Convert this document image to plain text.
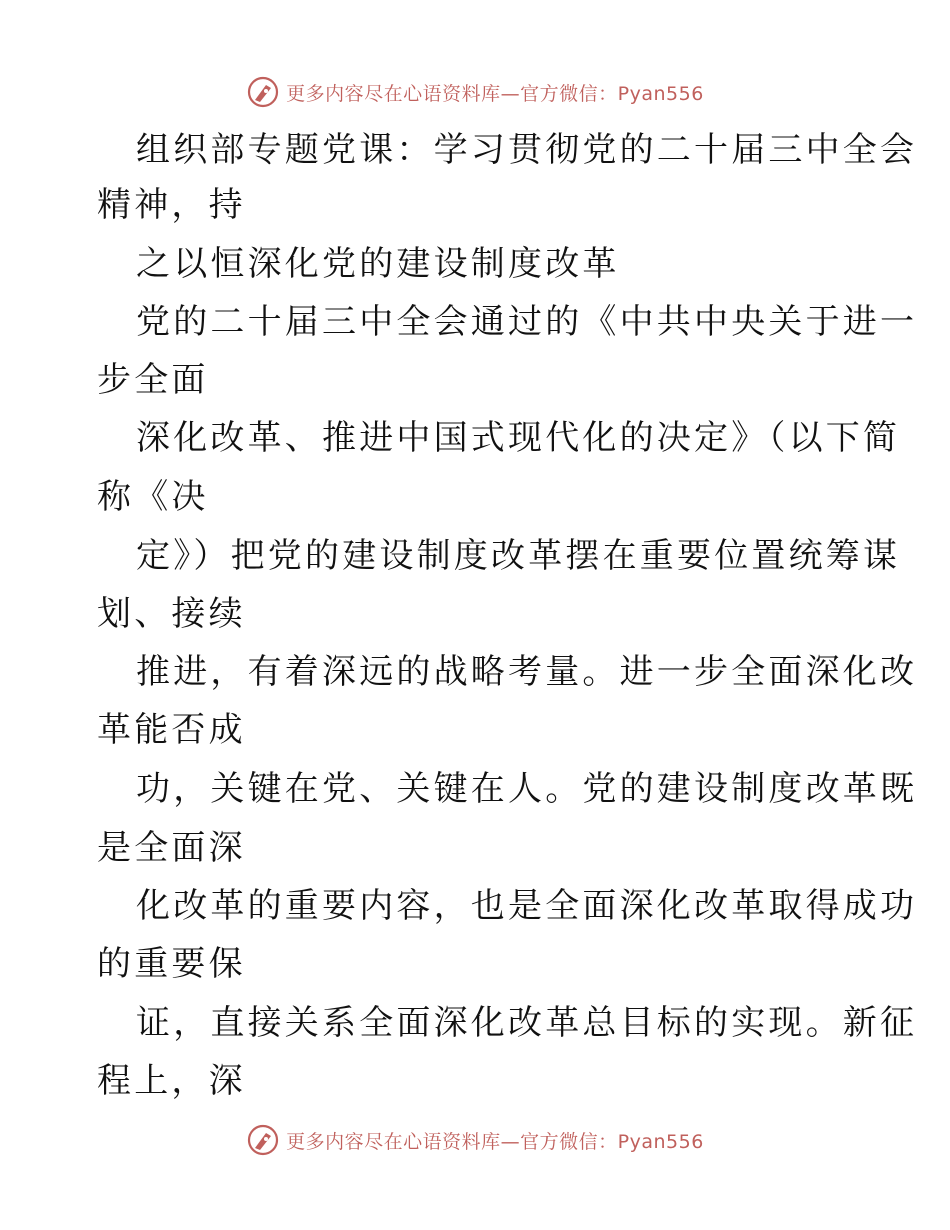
更多内容尽在心语资料库—官方微信：Pyan556
组织部专题党课：学习贯彻党的二十届三中全会
精神，持
之以恒深化党的建设制度改革
党的二十届三中全会通过的《中共中央关于进一
步全面
深化改革、推进中国式现代化的决定》（以下简
称《决
定》）把党的建设制度改革摆在重要位置统筹谋
划、接续
推进，有着深远的战略考量。进一步全面深化改
革能否成
功，关键在党、关键在人。党的建设制度改革既
是全面深
化改革的重要内容，也是全面深化改革取得成功
的重要保
证，直接关系全面深化改革总目标的实现。新征
程上，深
更多内容尽在心语资料库—官方微信：Pyan556
